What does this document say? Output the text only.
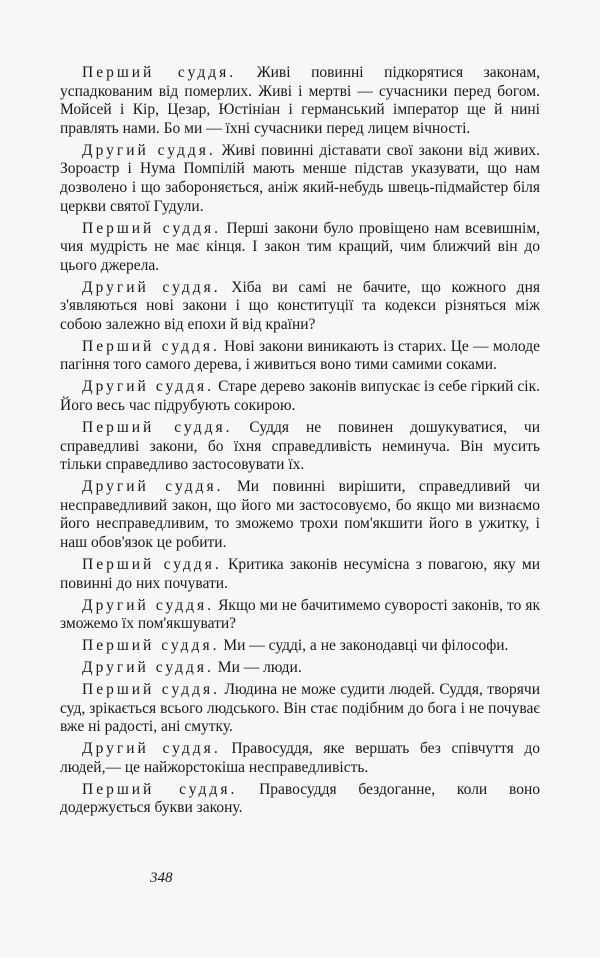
Перший суддя. Живі повинні підкорятися законам, успадкованим від померлих. Живі і мертві — сучасники перед богом. Мойсей і Кір, Цезар, Юстініан і германський імператор ще й нині правлять нами. Бо ми — їхні сучасники перед лицем вічності.

Другий суддя. Живі повинні діставати свої закони від живих. Зороастр і Нума Помпілій мають менше підстав указувати, що нам дозволено і що забороняється, аніж який-небудь швець-підмайстер біля церкви святої Гудули.

Перший суддя. Перші закони було провіщено нам всевишнім, чия мудрість не має кінця. І закон тим кращий, чим ближчий він до цього джерела.

Другий суддя. Хіба ви самі не бачите, що кожного дня з'являються нові закони і що конституції та кодекси різняться між собою залежно від епохи й від країни?

Перший суддя. Нові закони виникають із старих. Це — молоде пагіння того самого дерева, і живиться воно тими самими соками.

Другий суддя. Старе дерево законів випускає із себе гіркий сік. Його весь час підрубують сокирою.

Перший суддя. Суддя не повинен дошукуватися, чи справедливі закони, бо їхня справедливість неминуча. Він мусить тільки справедливо застосовувати їх.

Другий суддя. Ми повинні вирішити, справедливий чи несправедливий закон, що його ми застосовуємо, бо якщо ми визнаємо його несправедливим, то зможемо трохи пом'якшити його в ужитку, і наш обов'язок це робити.

Перший суддя. Критика законів несумісна з повагою, яку ми повинні до них почувати.

Другий суддя. Якщо ми не бачитимемо суворості законів, то як зможемо їх пом'якшувати?

Перший суддя. Ми — судді, а не законодавці чи філософи.

Другий суддя. Ми — люди.

Перший суддя. Людина не може судити людей. Суддя, творячи суд, зрікається всього людського. Він стає подібним до бога і не почуває вже ні радості, ані смутку.

Другий суддя. Правосуддя, яке вершать без співчуття до людей,— це найжорстокіша несправедливість.

Перший суддя. Правосуддя бездоганне, коли воно додержується букви закону.

348
